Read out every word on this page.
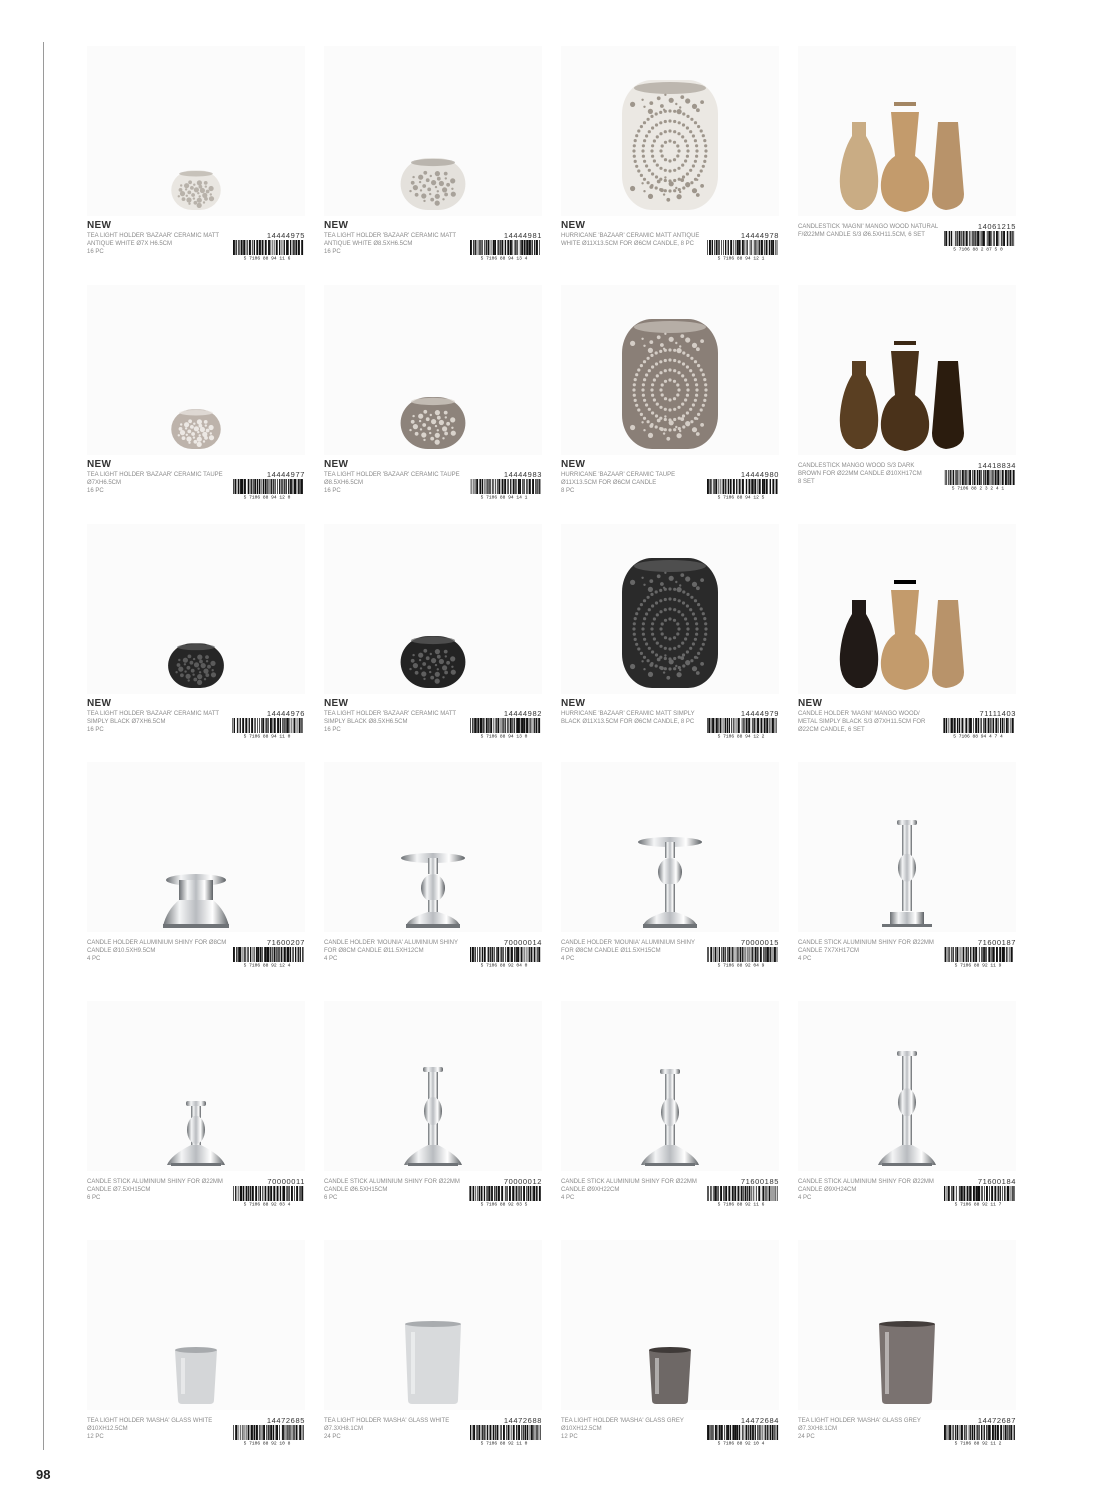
NEW
TEA LIGHT HOLDER 'BAZAAR' CERAMIC MATT ANTIQUE WHITE Ø7X H6.5CM
16 PC
14444975
5 7106 88 94 11 6
NEW
TEA LIGHT HOLDER 'BAZAAR' CERAMIC MATT ANTIQUE WHITE Ø8.5XH6.5CM
16 PC
14444981
5 7106 88 94 13 4
NEW
HURRICANE 'BAZAAR' CERAMIC MATT ANTIQUE WHITE Ø11X13.5CM FOR Ø6CM CANDLE, 8 PC
14444978
5 7106 88 94 12 1
CANDLESTICK 'MAGNI' MANGO WOOD NATURAL F/Ø22MM CANDLE S/3 Ø6.5XH11.5CM, 6 SET
14061215
5 7106 88 2 87 5 0
NEW
TEA LIGHT HOLDER 'BAZAAR' CERAMIC TAUPE Ø7XH6.5CM
16 PC
14444977
5 7106 88 94 12 0
NEW
TEA LIGHT HOLDER 'BAZAAR' CERAMIC TAUPE Ø8.5XH6.5CM
16 PC
14444983
5 7106 88 94 14 1
NEW
HURRICANE 'BAZAAR' CERAMIC TAUPE Ø11X13.5CM FOR Ø6CM CANDLE
8 PC
14444980
5 7106 88 94 12 5
CANDLESTICK MANGO WOOD S/3 DARK BROWN FOR Ø22MM CANDLE Ø10XH17CM
8 SET
14418834
5 7106 88 2 3 2 4 1
NEW
TEA LIGHT HOLDER 'BAZAAR' CERAMIC MATT SIMPLY BLACK Ø7XH6.5CM
16 PC
14444976
5 7106 88 94 11 0
NEW
TEA LIGHT HOLDER 'BAZAAR' CERAMIC MATT SIMPLY BLACK Ø8.5XH6.5CM
16 PC
14444982
5 7106 88 94 13 0
NEW
HURRICANE 'BAZAAR' CERAMIC MATT SIMPLY BLACK Ø11X13.5CM FOR Ø6CM CANDLE, 8 PC
14444979
5 7106 88 94 12 2
NEW
CANDLE HOLDER 'MAGNI' MANGO WOOD/ METAL SIMPLY BLACK S/3 Ø7XH11.5CM FOR Ø22CM CANDLE, 6 SET
71111403
5 7106 88 94 4 7 4
CANDLE HOLDER ALUMINIUM SHINY FOR Ø8CM CANDLE Ø10.5XH9.5CM
4 PC
71600207
5 7106 88 92 12 4
CANDLE HOLDER 'MOUNIA' ALUMINIUM SHINY FOR Ø8CM CANDLE Ø11.5XH12CM
4 PC
70000014
5 7106 88 92 04 0
CANDLE HOLDER 'MOUNIA' ALUMINIUM SHINY FOR Ø8CM CANDLE Ø11.5XH15CM
4 PC
70000015
5 7106 88 92 04 9
CANDLE STICK ALUMINIUM SHINY FOR Ø22MM CANDLE 7X7XH17CM
4 PC
71600187
5 7106 88 92 11 9
CANDLE STICK ALUMINIUM SHINY FOR Ø22MM CANDLE Ø7.5XH15CM
6 PC
70000011
5 7106 88 92 03 4
CANDLE STICK ALUMINIUM SHINY FOR Ø22MM CANDLE Ø6.5XH15CM
6 PC
70000012
5 7106 88 92 03 5
CANDLE STICK ALUMINIUM SHINY FOR Ø22MM CANDLE Ø9XH22CM
4 PC
71600185
5 7106 88 92 11 6
CANDLE STICK ALUMINIUM SHINY FOR Ø22MM CANDLE Ø9XH24CM
4 PC
71600184
5 7106 88 92 11 7
TEA LIGHT HOLDER 'MASHA' GLASS WHITE Ø10XH12.5CM
12 PC
14472685
5 7106 88 92 10 8
TEA LIGHT HOLDER 'MASHA' GLASS WHITE Ø7.3XH8.1CM
24 PC
14472688
5 7106 88 92 11 0
TEA LIGHT HOLDER 'MASHA' GLASS GREY Ø10XH12.5CM
12 PC
14472684
5 7106 88 92 10 4
TEA LIGHT HOLDER 'MASHA' GLASS GREY Ø7.3XH8.1CM
24 PC
14472687
5 7106 88 92 11 2
98
